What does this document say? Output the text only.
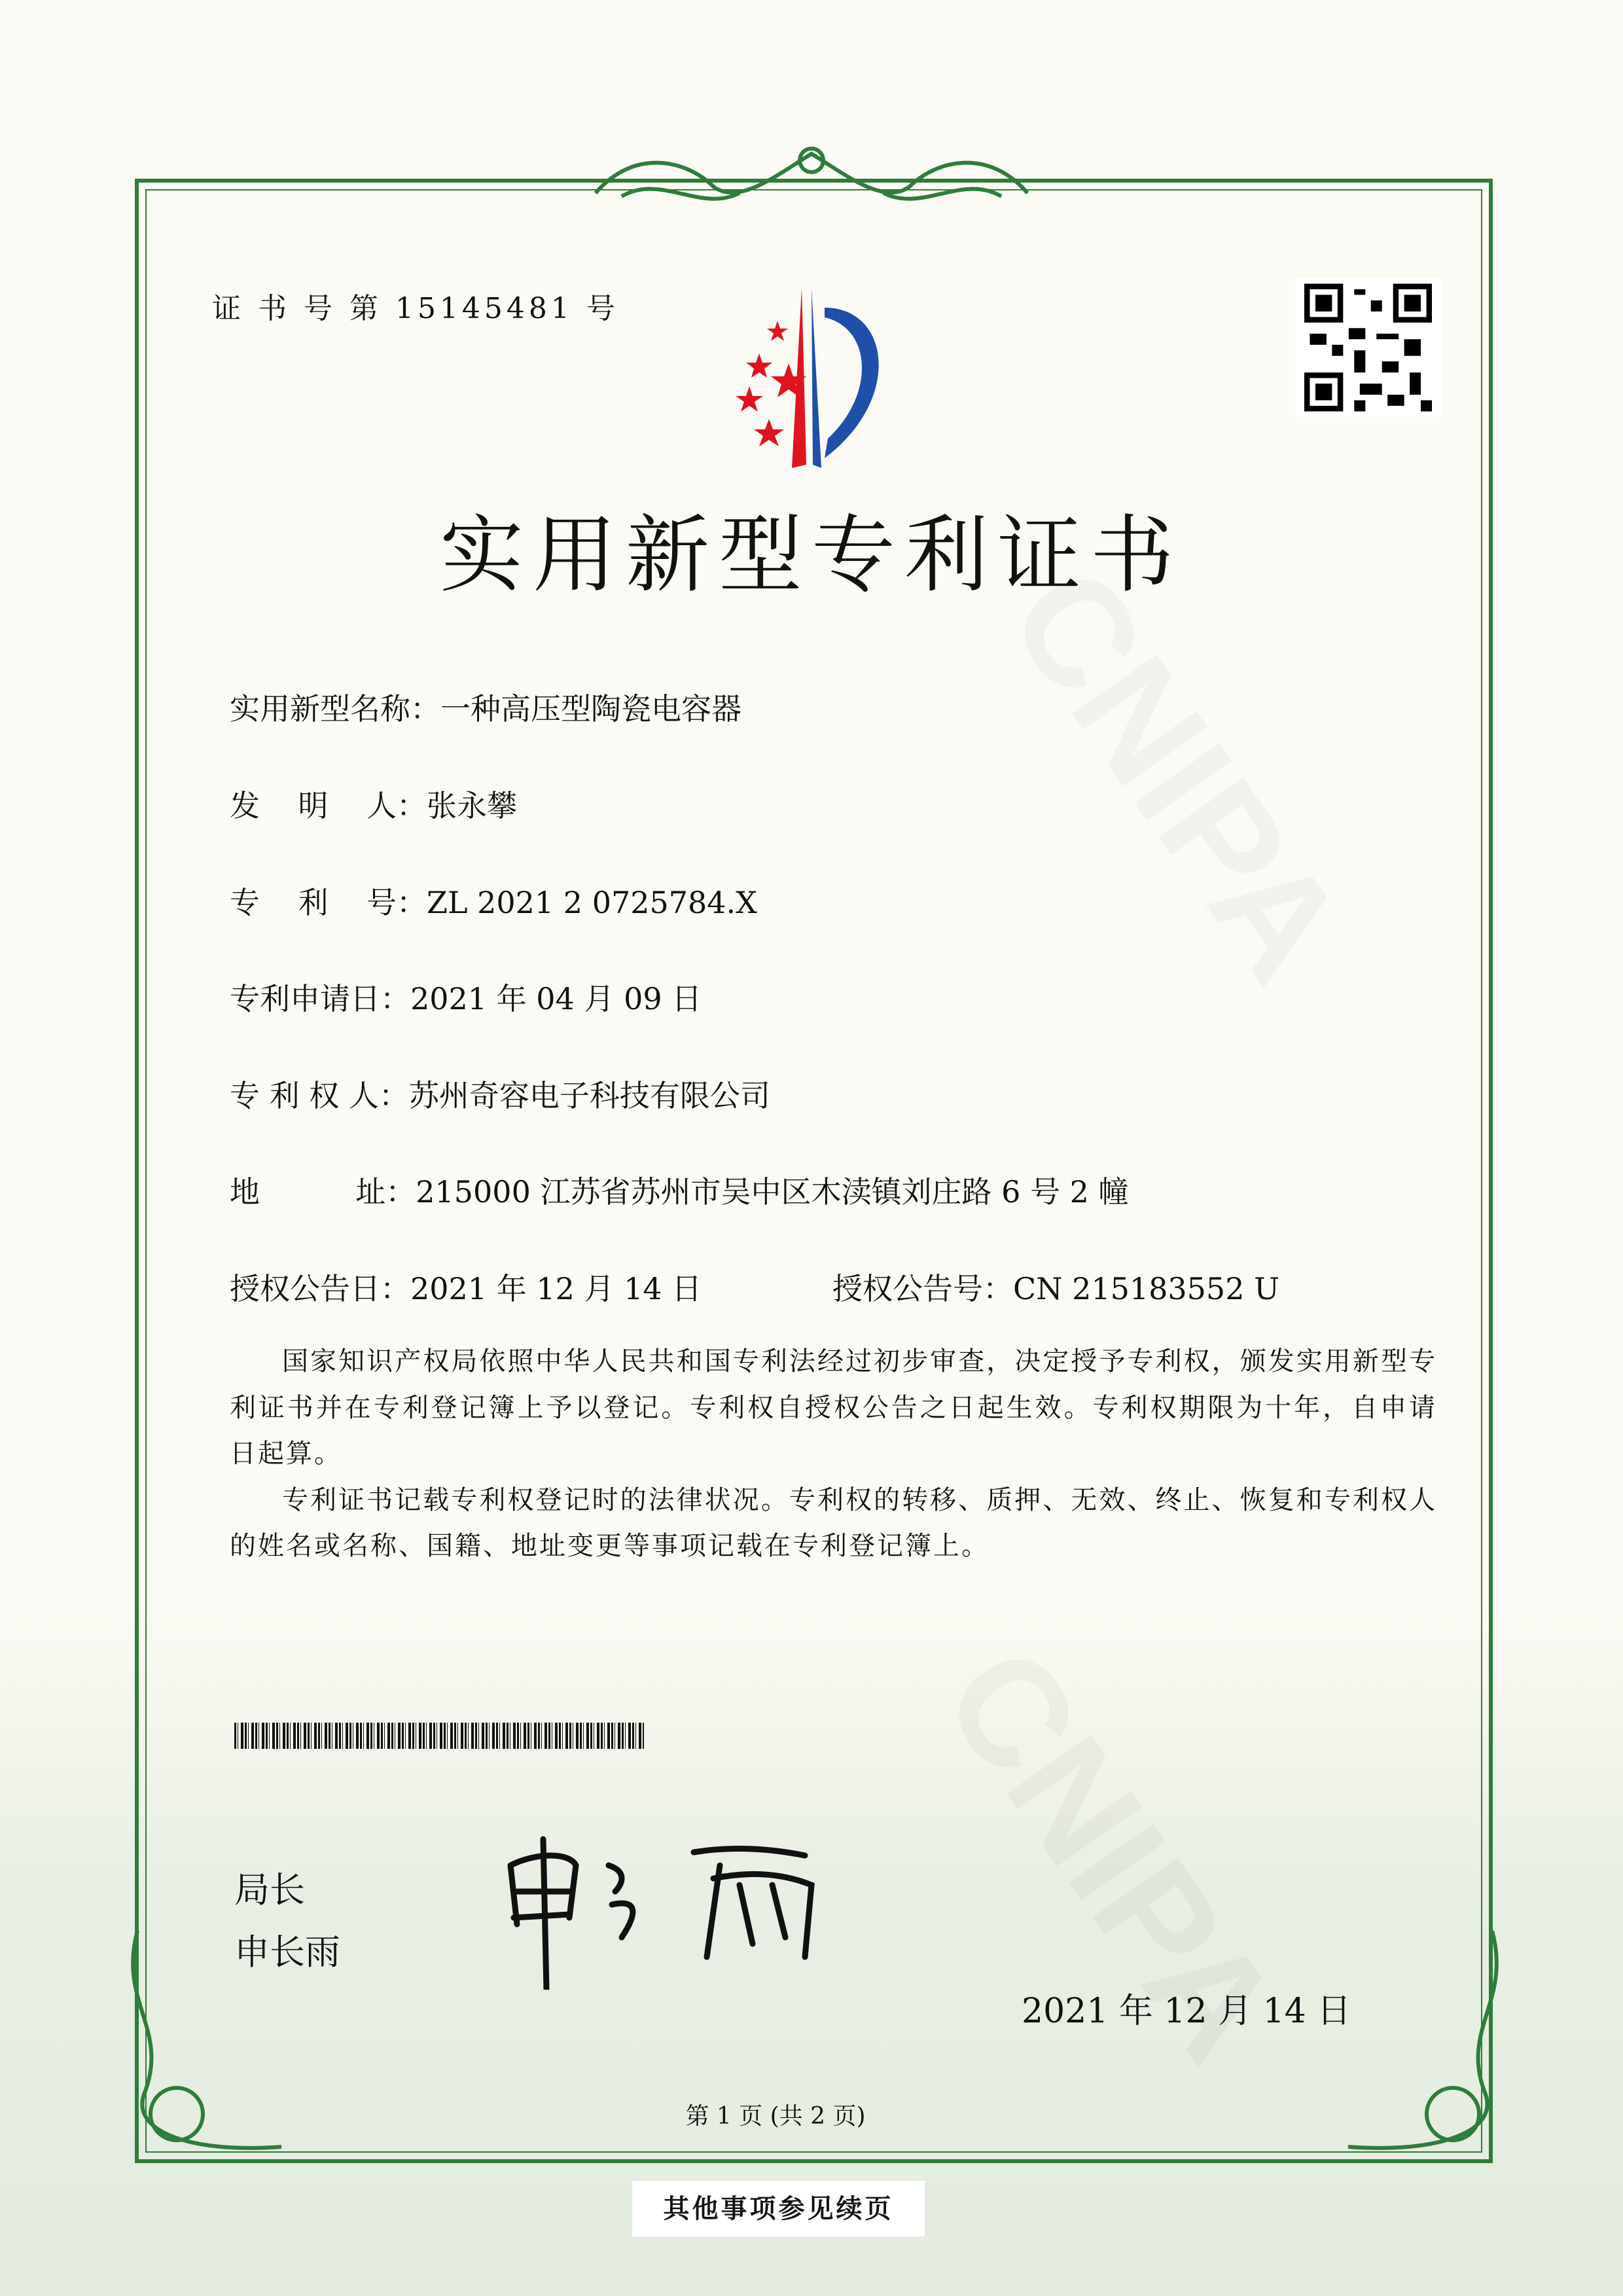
证 书 号 第 15145481 号
实用新型专利证书
实用新型名称：一种高压型陶瓷电容器
发    明    人：张永攀
专    利    号：ZL 2021 2 0725784.X
专利申请日：2021 年 04 月 09 日
专 利 权 人：苏州奇容电子科技有限公司
地          址：215000 江苏省苏州市吴中区木渎镇刘庄路 6 号 2 幢
授权公告日：2021 年 12 月 14 日	授权公告号：CN 215183552 U

国家知识产权局依照中华人民共和国专利法经过初步审查，决定授予专利权，颁发实用新型专利证书并在专利登记簿上予以登记。专利权自授权公告之日起生效。专利权期限为十年，自申请日起算。

专利证书记载专利权登记时的法律状况。专利权的转移、质押、无效、终止、恢复和专利权人的姓名或名称、国籍、地址变更等事项记载在专利登记簿上。

局长
申长雨
2021 年 12 月 14 日
第 1 页 (共 2 页)
其他事项参见续页
